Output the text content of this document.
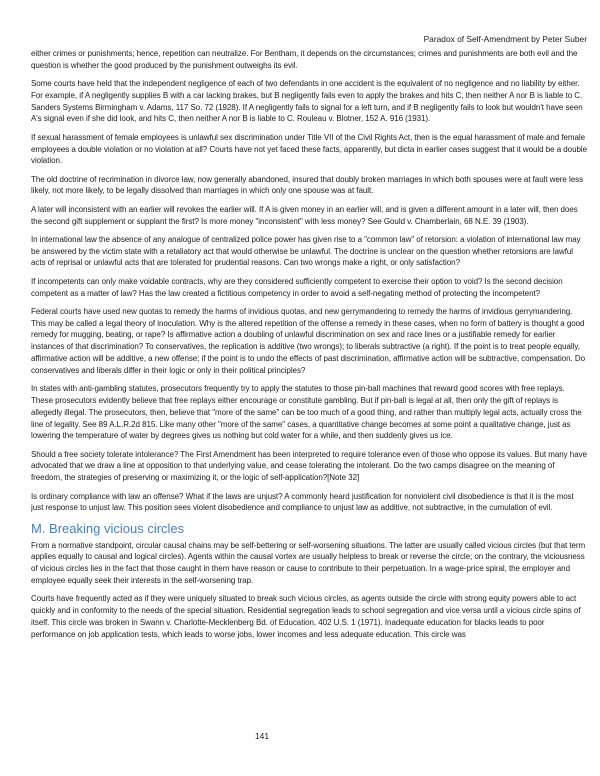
Paradox of Self-Amendment by Peter Suber

either crimes or punishments; hence, repetition can neutralize. For Bentham, it depends on the circumstances; crimes and punishments are both evil and the question is whether the good produced by the punishment outweighs its evil.

Some courts have held that the independent negligence of each of two defendants in one accident is the equivalent of no negligence and no liability by either. For example, if A negligently supplies B with a car lacking brakes, but B negligently fails even to apply the brakes and hits C, then neither A nor B is liable to C. Sanders Systems Birmingham v. Adams, 117 So. 72 (1928). If A negligently fails to signal for a left turn, and if B negligently fails to look but wouldn't have seen A's signal even if she did look, and hits C, then neither A nor B is liable to C. Rouleau v. Blotner, 152 A. 916 (1931).

If sexual harassment of female employees is unlawful sex discrimination under Title VII of the Civil Rights Act, then is the equal harassment of male and female employees a double violation or no violation at all? Courts have not yet faced these facts, apparently, but dicta in earlier cases suggest that it would be a double violation.

The old doctrine of recrimination in divorce law, now generally abandoned, insured that doubly broken marriages in which both spouses were at fault were less likely, not more likely, to be legally dissolved than marriages in which only one spouse was at fault.

A later will inconsistent with an earlier will revokes the earlier will. If A is given money in an earlier will, and is given a different amount in a later will, then does the second gift supplement or supplant the first? Is more money "inconsistent" with less money? See Gould v. Chamberlain, 68 N.E. 39 (1903).

In international law the absence of any analogue of centralized police power has given rise to a "common law" of retorsion: a violation of international law may be answered by the victim state with a retaliatory act that would otherwise be unlawful. The doctrine is unclear on the question whether retorsions are lawful acts of reprisal or unlawful acts that are tolerated for prudential reasons. Can two wrongs make a right, or only satisfaction?

If incompetents can only make voidable contracts, why are they considered sufficiently competent to exercise their option to void? Is the second decision competent as a matter of law? Has the law created a fictitious competency in order to avoid a self-negating method of protecting the incompetent?

Federal courts have used new quotas to remedy the harms of invidious quotas, and new gerrymandering to remedy the harms of invidious gerrymandering. This may be called a legal theory of inoculation. Why is the altered repetition of the offense a remedy in these cases, when no form of battery is thought a good remedy for mugging, beating, or rape? Is affirmative action a doubling of unlawful discrimination on sex and race lines or a justifiable remedy for earlier instances of that discrimination? To conservatives, the replication is additive (two wrongs); to liberals subtractive (a right). If the point is to treat people equally, affirmative action will be additive, a new offense; if the point is to undo the effects of past discrimination, affirmative action will be subtractive, compensation. Do conservatives and liberals differ in their logic or only in their political principles?

In states with anti-gambling statutes, prosecutors frequently try to apply the statutes to those pin-ball machines that reward good scores with free replays. These prosecutors evidently believe that free replays either encourage or constitute gambling. But if pin-ball is legal at all, then only the gift of replays is allegedly illegal. The prosecutors, then, believe that "more of the same" can be too much of a good thing, and rather than multiply legal acts, actually cross the line of legality. See 89 A.L.R.2d 815. Like many other "more of the same" cases, a quantitative change becomes at some point a qualitative change, just as lowering the temperature of water by degrees gives us nothing but cold water for a while, and then suddenly gives us ice.

Should a free society tolerate intolerance? The First Amendment has been interpreted to require tolerance even of those who oppose its values. But many have advocated that we draw a line at opposition to that underlying value, and cease tolerating the intolerant. Do the two camps disagree on the meaning of freedom, the strategies of preserving or maximizing it, or the logic of self-application?[Note 32]

Is ordinary compliance with law an offense? What if the laws are unjust? A commonly heard justification for nonviolent civil disobedience is that it is the most just response to unjust law. This position sees violent disobedience and compliance to unjust law as additive, not subtractive, in the cumulation of evil.

M. Breaking vicious circles

From a normative standpoint, circular causal chains may be self-bettering or self-worsening situations. The latter are usually called vicious circles (but that term applies equally to causal and logical circles). Agents within the causal vortex are usually helpless to break or reverse the circle; on the contrary, the viciousness of vicious circles lies in the fact that those caught in them have reason or cause to contribute to their perpetuation. In a wage-price spiral, the employer and employee equally seek their interests in the self-worsening trap.

Courts have frequently acted as if they were uniquely situated to break such vicious circles, as agents outside the circle with strong equity powers able to act quickly and in conformity to the needs of the special situation. Residential segregation leads to school segregation and vice versa until a vicious circle spins of itself. This circle was broken in Swann v. Charlotte-Mecklenberg Bd. of Education, 402 U.S. 1 (1971). Inadequate education for blacks leads to poor performance on job application tests, which leads to worse jobs, lower incomes and less adequate education. This circle was

141
